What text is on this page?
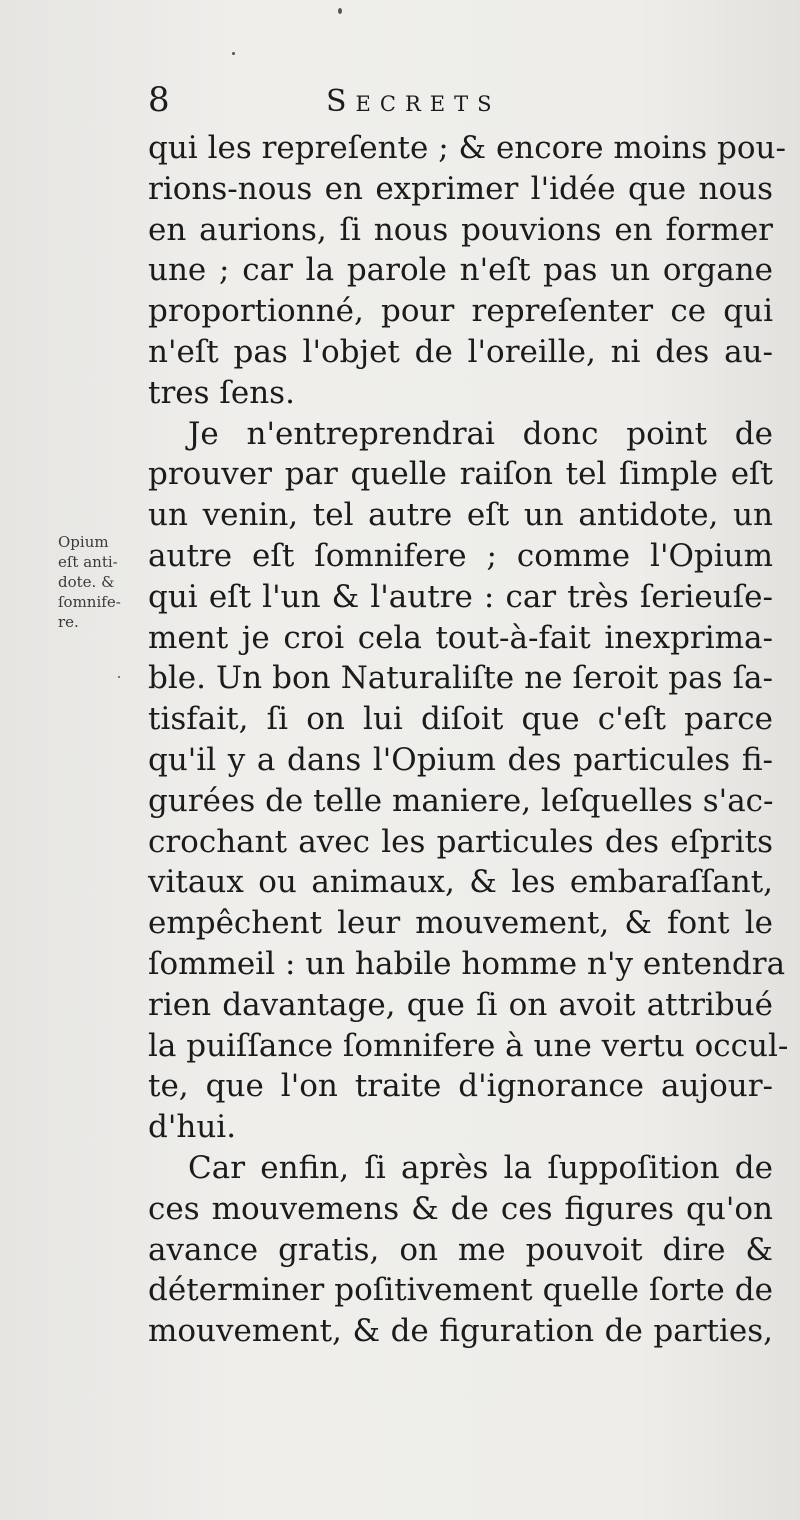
8	Secrets
Opium
eſt anti-
dote. &
ſomnife-
re.
qui les repreſente ; & encore moins pou-
rions-nous en exprimer l'idée que nous
en aurions, ſi nous pouvions en former
une ; car la parole n'eſt pas un organe
proportionné, pour repreſenter ce qui
n'eſt pas l'objet de l'oreille, ni des au-
tres ſens.
Je n'entreprendrai donc point de
prouver par quelle raiſon tel ſimple eſt
un venin, tel autre eſt un antidote, un
autre eſt ſomnifere ; comme l'Opium
qui eſt l'un & l'autre : car très ſerieuſe-
ment je croi cela tout-à-fait inexprima-
ble. Un bon Naturaliſte ne ſeroit pas ſa-
tisfait, ſi on lui diſoit que c'eſt parce
qu'il y a dans l'Opium des particules fi-
gurées de telle maniere, leſquelles s'ac-
crochant avec les particules des eſprits
vitaux ou animaux, & les embaraſſant,
empêchent leur mouvement, & font le
ſommeil : un habile homme n'y entendra
rien davantage, que ſi on avoit attribué
la puiſſance ſomnifere à une vertu occul-
te, que l'on traite d'ignorance aujour-
d'hui.
Car enfin, ſi après la ſuppoſition de
ces mouvemens & de ces figures qu'on
avance gratis, on me pouvoit dire &
déterminer poſitivement quelle ſorte de
mouvement, & de figuration de parties,
